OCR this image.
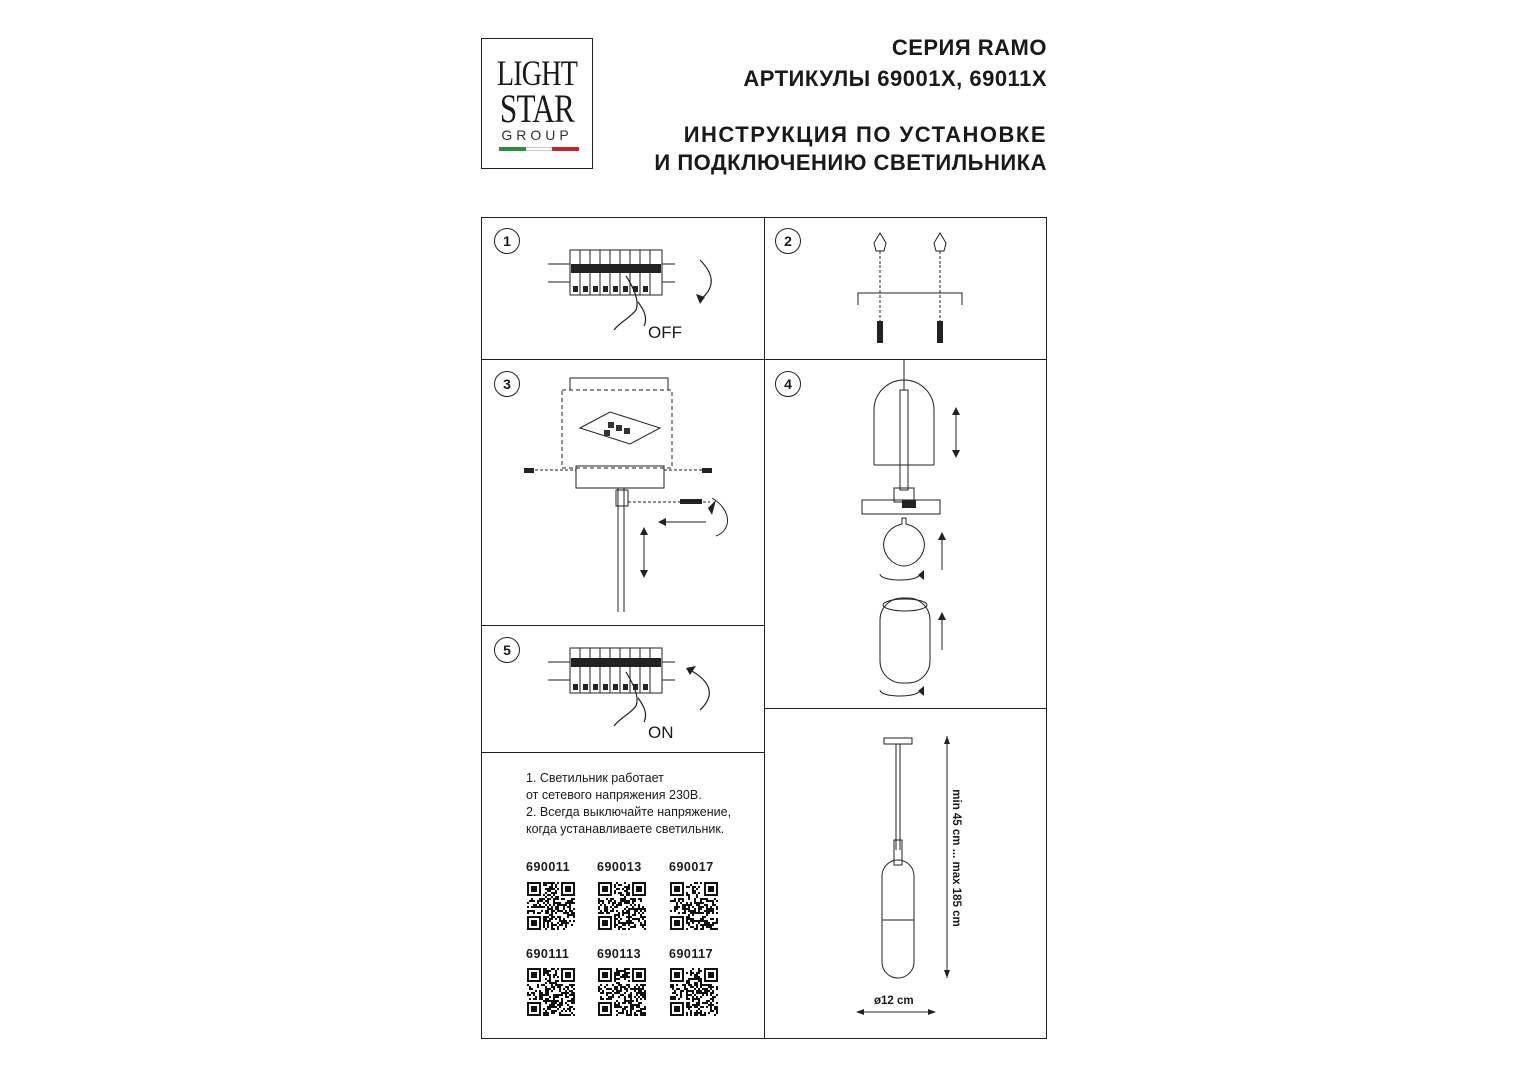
LIGHT
STAR
GROUP
СЕРИЯ RAMO
АРТИКУЛЫ 69001X, 69011X
ИНСТРУКЦИЯ ПО УСТАНОВКЕ
И ПОДКЛЮЧЕНИЮ СВЕТИЛЬНИКА
1	2
3	4
5
OFF
ON
1. Светильник работает
от сетевого напряжения 230В.
2. Всегда выключайте напряжение,
когда устанавливаете светильник.
690011 690013 690017
690111 690113 690117
min 45 cm ... max 185 cm
ø12 cm
